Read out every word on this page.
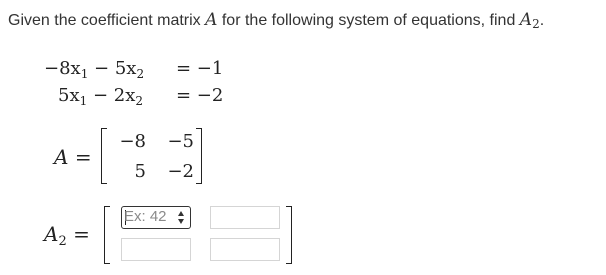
Given the coefficient matrix A for the following system of equations, find A2.
$-8x_1 - 5x_2 = -1$
$5x_1 - 2x_2 = -2$
A =
−8	−5
5	−2
$A_2$ =
Ex: 42
